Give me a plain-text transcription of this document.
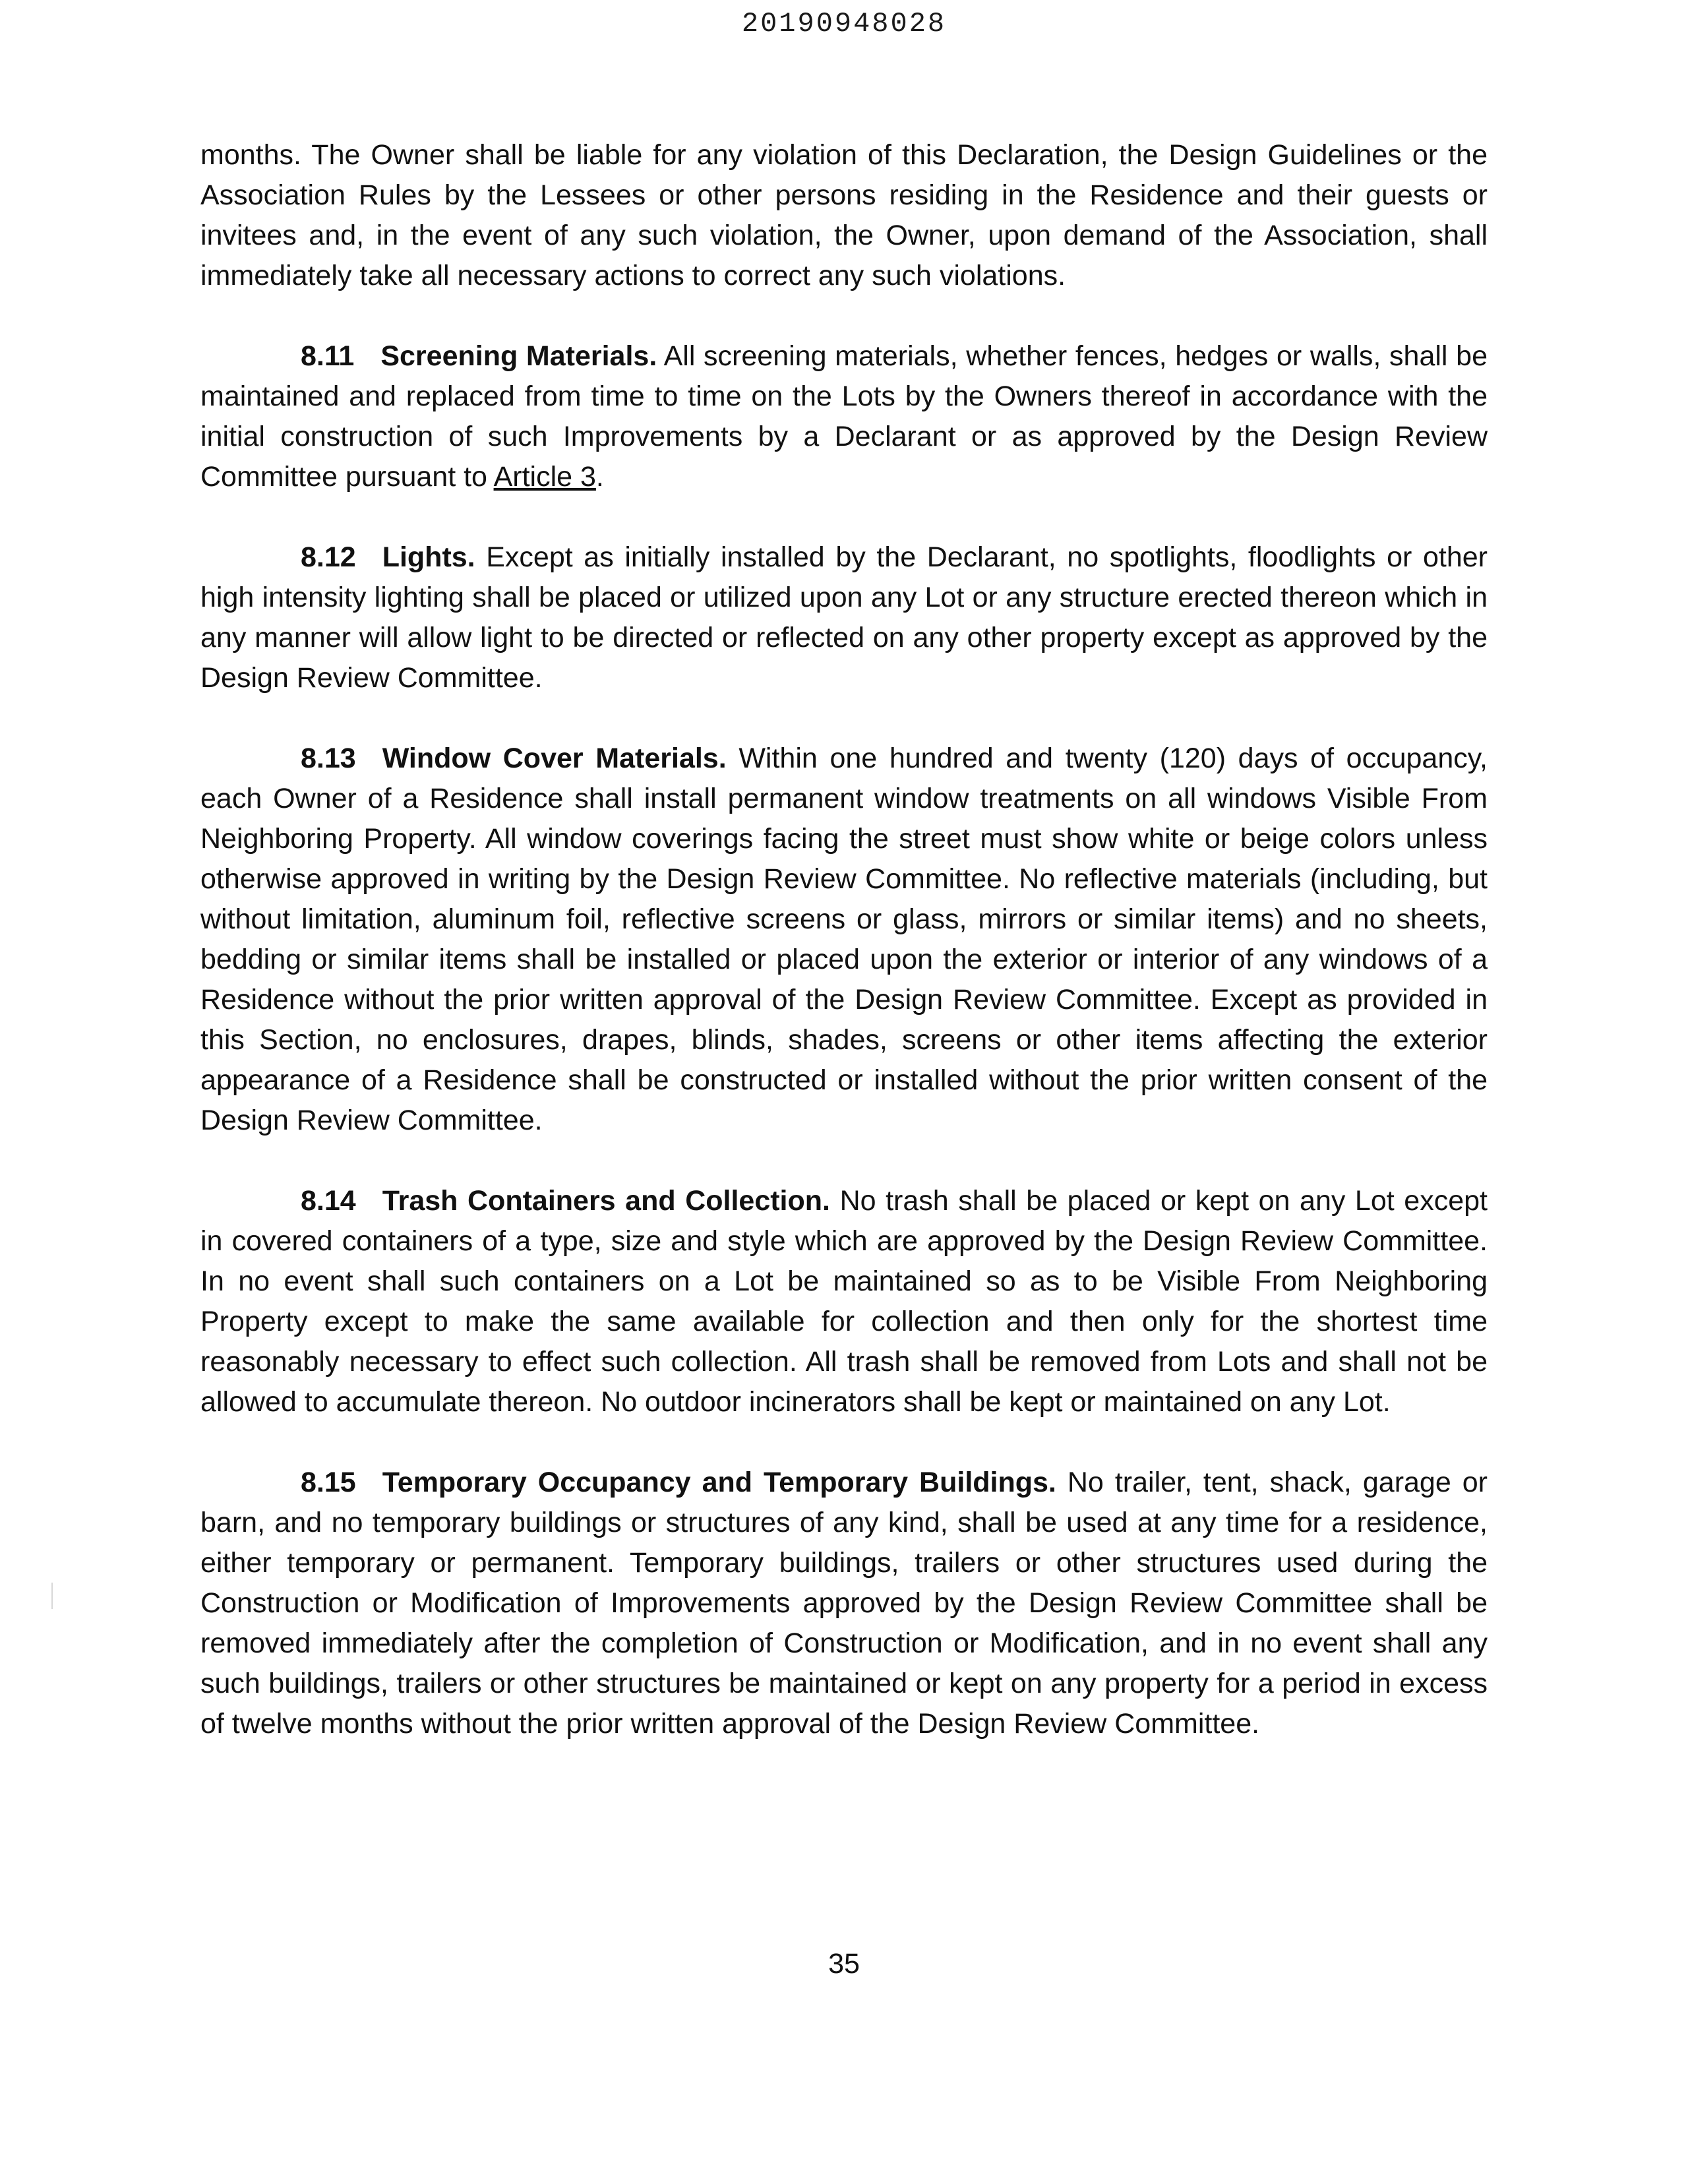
20190948028

months. The Owner shall be liable for any violation of this Declaration, the Design Guidelines or the Association Rules by the Lessees or other persons residing in the Residence and their guests or invitees and, in the event of any such violation, the Owner, upon demand of the Association, shall immediately take all necessary actions to correct any such violations.

8.11 Screening Materials. All screening materials, whether fences, hedges or walls, shall be maintained and replaced from time to time on the Lots by the Owners thereof in accordance with the initial construction of such Improvements by a Declarant or as approved by the Design Review Committee pursuant to Article 3.

8.12 Lights. Except as initially installed by the Declarant, no spotlights, floodlights or other high intensity lighting shall be placed or utilized upon any Lot or any structure erected thereon which in any manner will allow light to be directed or reflected on any other property except as approved by the Design Review Committee.

8.13 Window Cover Materials. Within one hundred and twenty (120) days of occupancy, each Owner of a Residence shall install permanent window treatments on all windows Visible From Neighboring Property. All window coverings facing the street must show white or beige colors unless otherwise approved in writing by the Design Review Committee. No reflective materials (including, but without limitation, aluminum foil, reflective screens or glass, mirrors or similar items) and no sheets, bedding or similar items shall be installed or placed upon the exterior or interior of any windows of a Residence without the prior written approval of the Design Review Committee. Except as provided in this Section, no enclosures, drapes, blinds, shades, screens or other items affecting the exterior appearance of a Residence shall be constructed or installed without the prior written consent of the Design Review Committee.

8.14 Trash Containers and Collection. No trash shall be placed or kept on any Lot except in covered containers of a type, size and style which are approved by the Design Review Committee. In no event shall such containers on a Lot be maintained so as to be Visible From Neighboring Property except to make the same available for collection and then only for the shortest time reasonably necessary to effect such collection. All trash shall be removed from Lots and shall not be allowed to accumulate thereon. No outdoor incinerators shall be kept or maintained on any Lot.

8.15 Temporary Occupancy and Temporary Buildings. No trailer, tent, shack, garage or barn, and no temporary buildings or structures of any kind, shall be used at any time for a residence, either temporary or permanent. Temporary buildings, trailers or other structures used during the Construction or Modification of Improvements approved by the Design Review Committee shall be removed immediately after the completion of Construction or Modification, and in no event shall any such buildings, trailers or other structures be maintained or kept on any property for a period in excess of twelve months without the prior written approval of the Design Review Committee.

35
